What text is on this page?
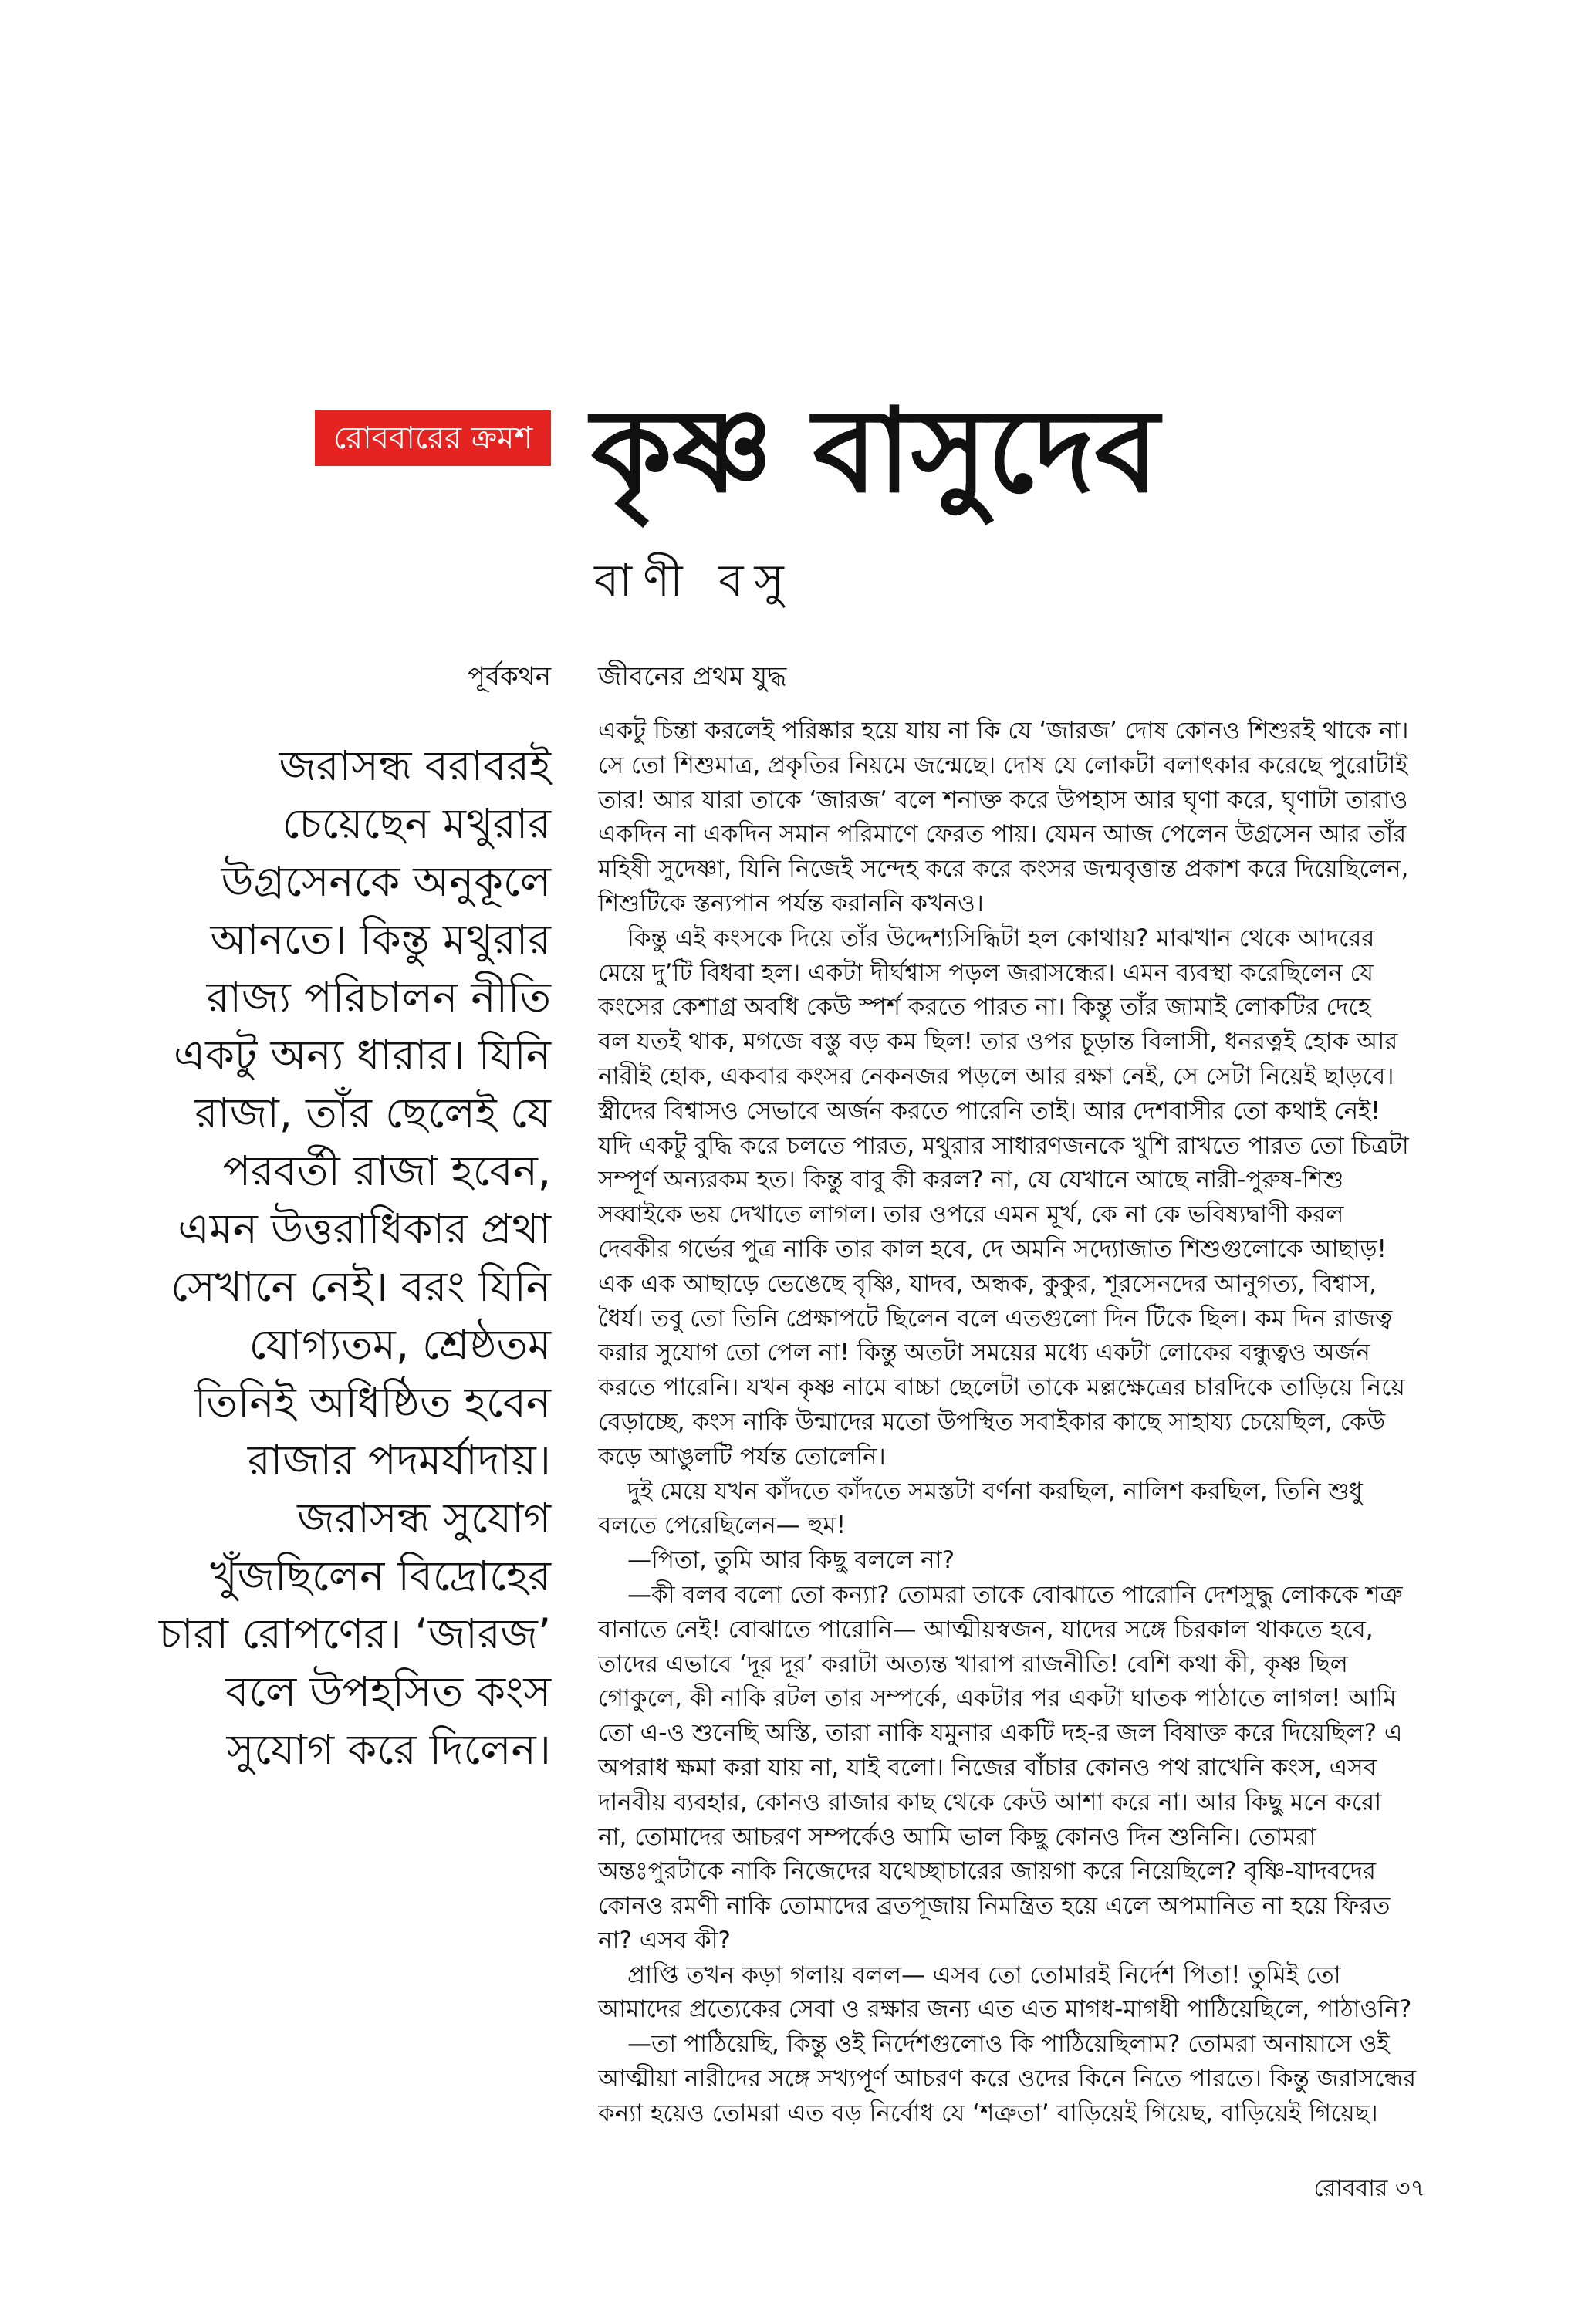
রোববারের ক্রমশ কৃষ্ণ বাসুদেব
বাণী বসু
পূর্বকথন জীবনের প্রথম যুদ্ধ
জরাসন্ধ বরাবরই
চেয়েছেন মথুরার
উগ্রসেনকে অনুকূলে
আনতে। কিন্তু মথুরার
রাজ্য পরিচালন নীতি
একটু অন্য ধারার। যিনি
রাজা, তাঁর ছেলেই যে
পরবর্তী রাজা হবেন,
এমন উত্তরাধিকার প্রথা
সেখানে নেই। বরং যিনি
যোগ্যতম, শ্রেষ্ঠতম
তিনিই অধিষ্ঠিত হবেন
রাজার পদমর্যাদায়।
জরাসন্ধ সুযোগ
খুঁজছিলেন বিদ্রোহের
চারা রোপণের। ‘জারজ’
বলে উপহসিত কংস
সুযোগ করে দিলেন।
একটু চিন্তা করলেই পরিষ্কার হয়ে যায় না কি যে ‘জারজ’ দোষ কোনও শিশুরই থাকে না।
সে তো শিশুমাত্র, প্রকৃতির নিয়মে জন্মেছে। দোষ যে লোকটা বলাৎকার করেছে পুরোটাই
তার! আর যারা তাকে ‘জারজ’ বলে শনাক্ত করে উপহাস আর ঘৃণা করে, ঘৃণাটা তারাও
একদিন না একদিন সমান পরিমাণে ফেরত পায়। যেমন আজ পেলেন উগ্রসেন আর তাঁর
মহিষী সুদেষ্ণা, যিনি নিজেই সন্দেহ করে করে কংসর জন্মবৃত্তান্ত প্রকাশ করে দিয়েছিলেন,
শিশুটিকে স্তন্যপান পর্যন্ত করাননি কখনও।
কিন্তু এই কংসকে দিয়ে তাঁর উদ্দেশ্যসিদ্ধিটা হল কোথায়? মাঝখান থেকে আদরের
মেয়ে দু’টি বিধবা হল। একটা দীর্ঘশ্বাস পড়ল জরাসন্ধের। এমন ব্যবস্থা করেছিলেন যে
কংসের কেশাগ্র অবধি কেউ স্পর্শ করতে পারত না। কিন্তু তাঁর জামাই লোকটির দেহে
বল যতই থাক, মগজে বস্তু বড় কম ছিল! তার ওপর চূড়ান্ত বিলাসী, ধনরত্নই হোক আর
নারীই হোক, একবার কংসর নেকনজর পড়লে আর রক্ষা নেই, সে সেটা নিয়েই ছাড়বে।
স্ত্রীদের বিশ্বাসও সেভাবে অর্জন করতে পারেনি তাই। আর দেশবাসীর তো কথাই নেই!
যদি একটু বুদ্ধি করে চলতে পারত, মথুরার সাধারণজনকে খুশি রাখতে পারত তো চিত্রটা
সম্পূর্ণ অন্যরকম হত। কিন্তু বাবু কী করল? না, যে যেখানে আছে নারী-পুরুষ-শিশু
সব্বাইকে ভয় দেখাতে লাগল। তার ওপরে এমন মূর্খ, কে না কে ভবিষ্যদ্বাণী করল
দেবকীর গর্ভের পুত্র নাকি তার কাল হবে, দে অমনি সদ্যোজাত শিশুগুলোকে আছাড়!
এক এক আছাড়ে ভেঙেছে বৃষ্ণি, যাদব, অন্ধক, কুকুর, শূরসেনদের আনুগত্য, বিশ্বাস,
ধৈর্য। তবু তো তিনি প্রেক্ষাপটে ছিলেন বলে এতগুলো দিন টিকে ছিল। কম দিন রাজত্ব
করার সুযোগ তো পেল না! কিন্তু অতটা সময়ের মধ্যে একটা লোকের বন্ধুত্বও অর্জন
করতে পারেনি। যখন কৃষ্ণ নামে বাচ্চা ছেলেটা তাকে মল্লক্ষেত্রের চারদিকে তাড়িয়ে নিয়ে
বেড়াচ্ছে, কংস নাকি উন্মাদের মতো উপস্থিত সবাইকার কাছে সাহায্য চেয়েছিল, কেউ
কড়ে আঙুলটি পর্যন্ত তোলেনি।
দুই মেয়ে যখন কাঁদতে কাঁদতে সমস্তটা বর্ণনা করছিল, নালিশ করছিল, তিনি শুধু
বলতে পেরেছিলেন— হুম!
—পিতা, তুমি আর কিছু বললে না?
—কী বলব বলো তো কন্যা? তোমরা তাকে বোঝাতে পারোনি দেশসুদ্ধু লোককে শত্রু
বানাতে নেই! বোঝাতে পারোনি— আত্মীয়স্বজন, যাদের সঙ্গে চিরকাল থাকতে হবে,
তাদের এভাবে ‘দূর দূর’ করাটা অত্যন্ত খারাপ রাজনীতি! বেশি কথা কী, কৃষ্ণ ছিল
গোকুলে, কী নাকি রটল তার সম্পর্কে, একটার পর একটা ঘাতক পাঠাতে লাগল! আমি
তো এ-ও শুনেছি অস্তি, তারা নাকি যমুনার একটি দহ-র জল বিষাক্ত করে দিয়েছিল? এ
অপরাধ ক্ষমা করা যায় না, যাই বলো। নিজের বাঁচার কোনও পথ রাখেনি কংস, এসব
দানবীয় ব্যবহার, কোনও রাজার কাছ থেকে কেউ আশা করে না। আর কিছু মনে করো
না, তোমাদের আচরণ সম্পর্কেও আমি ভাল কিছু কোনও দিন শুনিনি। তোমরা
অন্তঃপুরটাকে নাকি নিজেদের যথেচ্ছাচারের জায়গা করে নিয়েছিলে? বৃষ্ণি-যাদবদের
কোনও রমণী নাকি তোমাদের ব্রতপূজায় নিমন্ত্রিত হয়ে এলে অপমানিত না হয়ে ফিরত
না? এসব কী?
প্রাপ্তি তখন কড়া গলায় বলল— এসব তো তোমারই নির্দেশ পিতা! তুমিই তো
আমাদের প্রত্যেকের সেবা ও রক্ষার জন্য এত এত মাগধ-মাগধী পাঠিয়েছিলে, পাঠাওনি?
—তা পাঠিয়েছি, কিন্তু ওই নির্দেশগুলোও কি পাঠিয়েছিলাম? তোমরা অনায়াসে ওই
আত্মীয়া নারীদের সঙ্গে সখ্যপূর্ণ আচরণ করে ওদের কিনে নিতে পারতে। কিন্তু জরাসন্ধের
কন্যা হয়েও তোমরা এত বড় নির্বোধ যে ‘শত্রুতা’ বাড়িয়েই গিয়েছ, বাড়িয়েই গিয়েছ।
রোববার ৩৭
